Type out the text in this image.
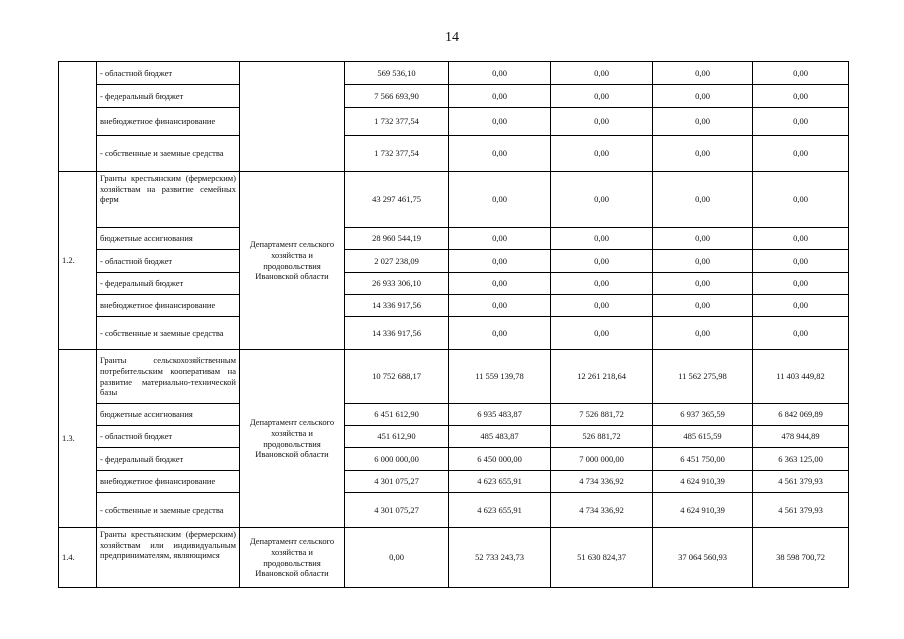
14
	- областной бюджет		569 536,10	0,00	0,00	0,00	0,00
	- федеральный бюджет		7 566 693,90	0,00	0,00	0,00	0,00
	внебюджетное финансирование		1 732 377,54	0,00	0,00	0,00	0,00
	- собственные и заемные средства		1 732 377,54	0,00	0,00	0,00	0,00
1.2.	Гранты крестьянским (фермерским) хозяйствам на развитие семейных ферм	Департамент сельского хозяйства и продовольствия Ивановской области	43 297 461,75	0,00	0,00	0,00	0,00
	бюджетные ассигнования		28 960 544,19	0,00	0,00	0,00	0,00
	- областной бюджет		2 027 238,09	0,00	0,00	0,00	0,00
	- федеральный бюджет		26 933 306,10	0,00	0,00	0,00	0,00
	внебюджетное финансирование		14 336 917,56	0,00	0,00	0,00	0,00
	- собственные и заемные средства		14 336 917,56	0,00	0,00	0,00	0,00
1.3.	Гранты сельскохозяйственным потребительским кооперативам на развитие материально-технической базы	Департамент сельского хозяйства и продовольствия Ивановской области	10 752 688,17	11 559 139,78	12 261 218,64	11 562 275,98	11 403 449,82
	бюджетные ассигнования		6 451 612,90	6 935 483,87	7 526 881,72	6 937 365,59	6 842 069,89
	- областной бюджет		451 612,90	485 483,87	526 881,72	485 615,59	478 944,89
	- федеральный бюджет		6 000 000,00	6 450 000,00	7 000 000,00	6 451 750,00	6 363 125,00
	внебюджетное финансирование		4 301 075,27	4 623 655,91	4 734 336,92	4 624 910,39	4 561 379,93
	- собственные и заемные средства		4 301 075,27	4 623 655,91	4 734 336,92	4 624 910,39	4 561 379,93
1.4.	Гранты крестьянским (фермерским) хозяйствам или индивидуальным предпринимателям, являющимся	Департамент сельского хозяйства и продовольствия Ивановской области	0,00	52 733 243,73	51 630 824,37	37 064 560,93	38 598 700,72
